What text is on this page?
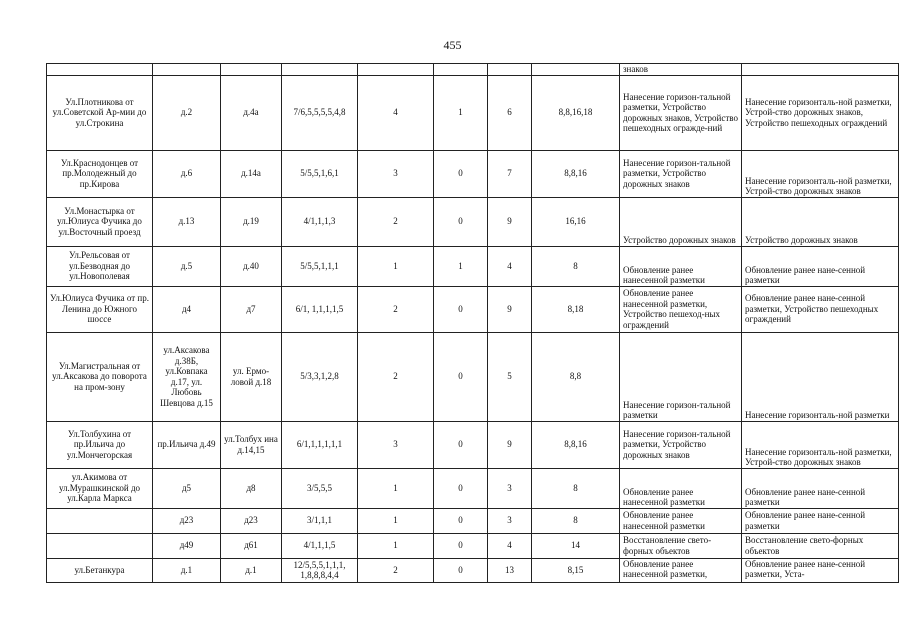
455
								знаков	
Ул.Плотникова от ул.Советской Ар-мии до ул.Строкина	д.2	д.4а	7/6,5,5,5,5,4,8	4	1	6	8,8,16,18	Нанесение горизон-тальной разметки, Устройство дорожных знаков, Устройство пешеходных огражде-ний	Нанесение горизонталь-ной разметки, Устрой-ство дорожных знаков, Устройство пешеходных ограждений
Ул.Краснодонцев от пр.Молодежный до пр.Кирова	д.6	д.14а	5/5,5,1,6,1	3	0	7	8,8,16	Нанесение горизон-тальной разметки, Устройство дорожных знаков	Нанесение горизонталь-ной разметки, Устрой-ство дорожных знаков
Ул.Монастырка от ул.Юлиуса Фучика до ул.Восточный проезд	д.13	д.19	4/1,1,1,3	2	0	9	16,16	Устройство дорожных знаков	Устройство дорожных знаков
Ул.Рельсовая от ул.Безводная до ул.Новополевая	д.5	д.40	5/5,5,1,1,1	1	1	4	8	Обновление ранее нанесенной разметки	Обновление ранее нане-сенной разметки
Ул.Юлиуса Фучика от пр. Ленина до Южного шоссе	д4	д7	6/1, 1,1,1,1,5	2	0	9	8,18	Обновление ранее нанесенной разметки, Устройство пешеход-ных ограждений	Обновление ранее нане-сенной разметки, Устройство пешеходных ограждений
Ул.Магистральная от ул.Аксакова до поворота на пром-зону	ул.Аксакова д.38Б, ул.Ковпака д.17, ул. Любовь Шевцова д.15	ул. Ермо-ловой д.18	5/3,3,1,2,8	2	0	5	8,8	Нанесение горизон-тальной разметки	Нанесение горизонталь-ной разметки
Ул.Толбухина от пр.Ильича до ул.Мончегорская	пр.Ильича д.49	ул.Толбух ина д.14,15	6/1,1,1,1,1,1	3	0	9	8,8,16	Нанесение горизон-тальной разметки, Устройство дорожных знаков	Нанесение горизонталь-ной разметки, Устрой-ство дорожных знаков
ул.Акимова от ул.Мурашкинской до ул.Карла Маркса	д5	д8	3/5,5,5	1	0	3	8	Обновление ранее нанесенной разметки	Обновление ранее нане-сенной разметки
	д23	д23	3/1,1,1	1	0	3	8	Обновление ранее нанесенной разметки	Обновление ранее нане-сенной разметки
	д49	д61	4/1,1,1,5	1	0	4	14	Восстановление свето-форных объектов	Восстановление свето-форных объектов
ул.Бетанкура	д.1	д.1	12/5,5,5,1,1,1, 1,8,8,8,4,4	2	0	13	8,15	Обновление ранее нанесенной разметки,	Обновление ранее нане-сенной разметки, Уста-
